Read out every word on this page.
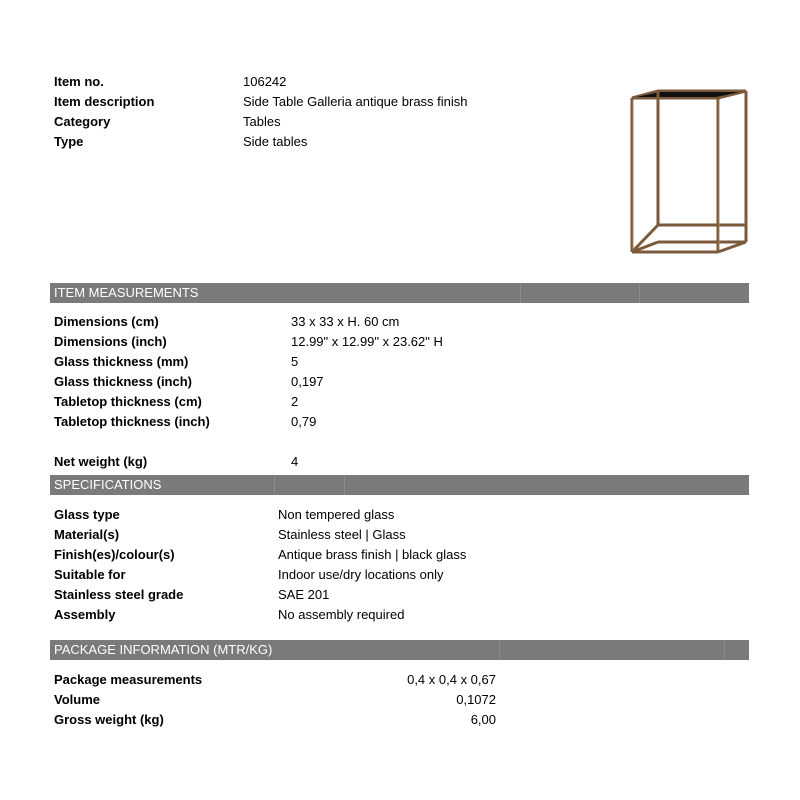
Item no.	106242
Item description	Side Table Galleria antique brass finish
Category	Tables
Type	Side tables
ITEM MEASUREMENTS
Dimensions (cm)	33 x 33 x H. 60 cm
Dimensions (inch)	12.99" x 12.99" x 23.62" H
Glass thickness (mm)	5
Glass thickness (inch)	0,197
Tabletop thickness (cm)	2
Tabletop thickness (inch)	0,79
Net weight (kg)	4
SPECIFICATIONS
Glass type	Non tempered glass
Material(s)	Stainless steel | Glass
Finish(es)/colour(s)	Antique brass finish | black glass
Suitable for	Indoor use/dry locations only
Stainless steel grade	SAE 201
Assembly	No assembly required
PACKAGE INFORMATION (MTR/KG)
Package measurements	0,4 x 0,4 x 0,67
Volume	0,1072
Gross weight (kg)	6,00
